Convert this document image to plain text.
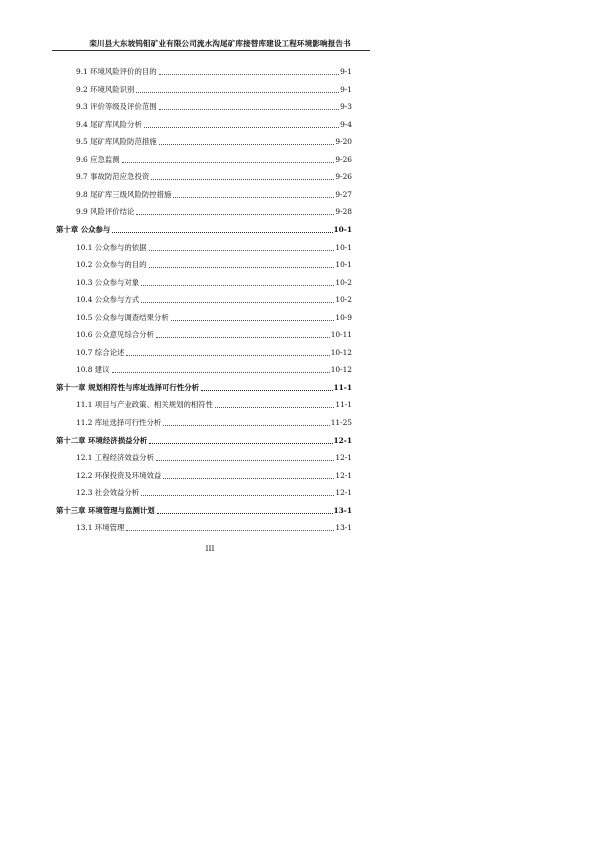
栾川县大东坡钨钼矿业有限公司流水沟尾矿库接替库建设工程环境影响报告书
9.1 环境风险评价的目的	9-1
9.2 环境风险识别	9-1
9.3 评价等级及评价范围	9-3
9.4 尾矿库风险分析	9-4
9.5 尾矿库风险防范措施	9-20
9.6 应急监测	9-26
9.7 事故防范应急投资	9-26
9.8 尾矿库三级风险防控措施	9-27
9.9 风险评价结论	9-28
第十章 公众参与	10-1
10.1 公众参与的依据	10-1
10.2 公众参与的目的	10-1
10.3 公众参与对象	10-2
10.4 公众参与方式	10-2
10.5 公众参与调查结果分析	10-9
10.6 公众意见综合分析	10-11
10.7 综合论述	10-12
10.8 建议	10-12
第十一章 规划相符性与库址选择可行性分析	11-1
11.1 项目与产业政策、相关规划的相符性	11-1
11.2 库址选择可行性分析	11-25
第十二章 环境经济损益分析	12-1
12.1 工程经济效益分析	12-1
12.2 环保投资及环境效益	12-1
12.3 社会效益分析	12-1
第十三章 环境管理与监测计划	13-1
13.1 环境管理	13-1
III
